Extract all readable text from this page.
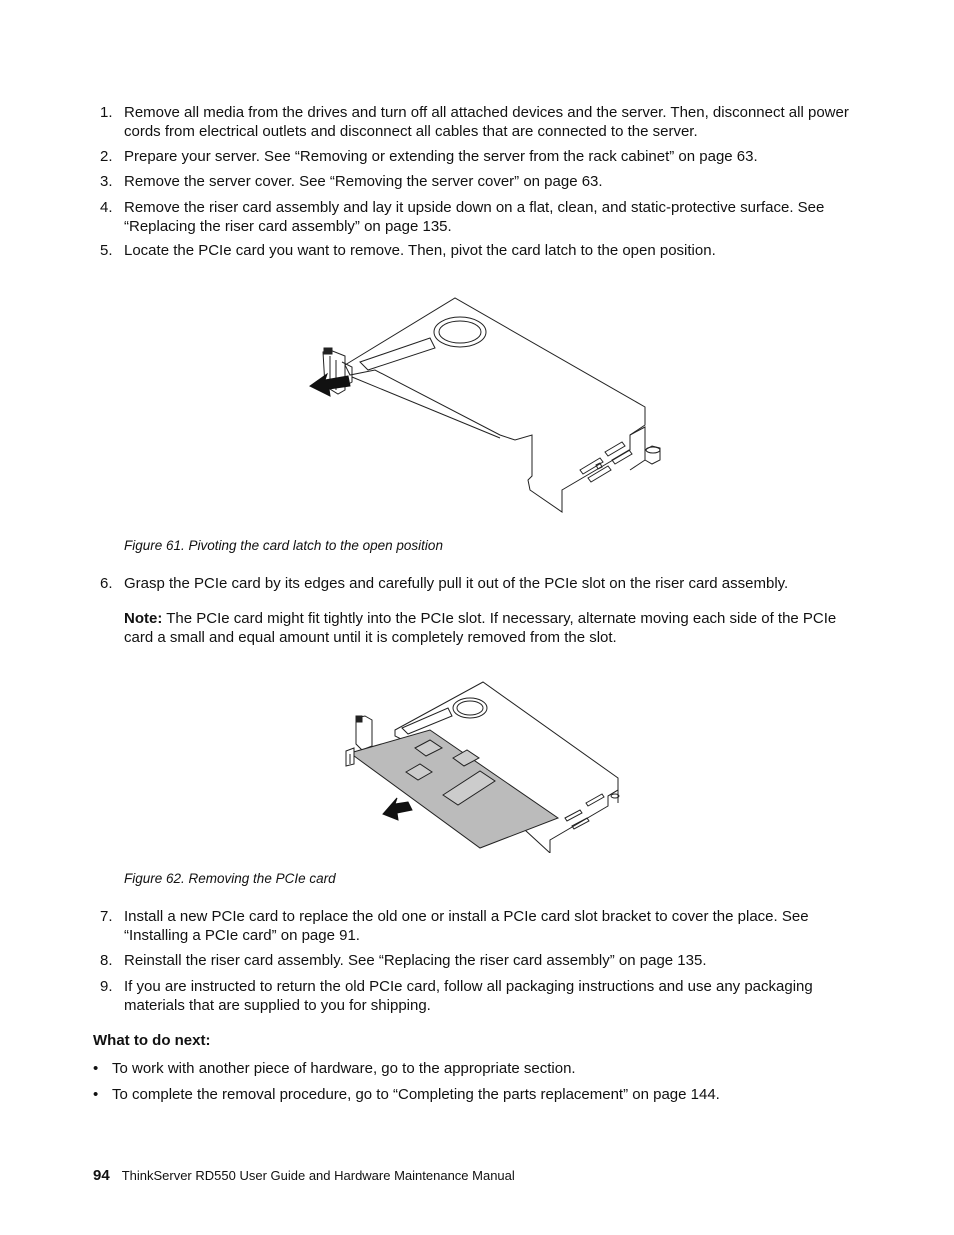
1. Remove all media from the drives and turn off all attached devices and the server. Then, disconnect all power cords from electrical outlets and disconnect all cables that are connected to the server.
2. Prepare your server. See “Removing or extending the server from the rack cabinet” on page 63.
3. Remove the server cover. See “Removing the server cover” on page 63.
4. Remove the riser card assembly and lay it upside down on a flat, clean, and static-protective surface. See “Replacing the riser card assembly” on page 135.
5. Locate the PCIe card you want to remove. Then, pivot the card latch to the open position.
Figure 61. Pivoting the card latch to the open position
6. Grasp the PCIe card by its edges and carefully pull it out of the PCIe slot on the riser card assembly.
Note: The PCIe card might fit tightly into the PCIe slot. If necessary, alternate moving each side of the PCIe card a small and equal amount until it is completely removed from the slot.
Figure 62. Removing the PCIe card
7. Install a new PCIe card to replace the old one or install a PCIe card slot bracket to cover the place. See “Installing a PCIe card” on page 91.
8. Reinstall the riser card assembly. See “Replacing the riser card assembly” on page 135.
9. If you are instructed to return the old PCIe card, follow all packaging instructions and use any packaging materials that are supplied to you for shipping.
What to do next:
• To work with another piece of hardware, go to the appropriate section.
• To complete the removal procedure, go to “Completing the parts replacement” on page 144.
94 ThinkServer RD550 User Guide and Hardware Maintenance Manual
